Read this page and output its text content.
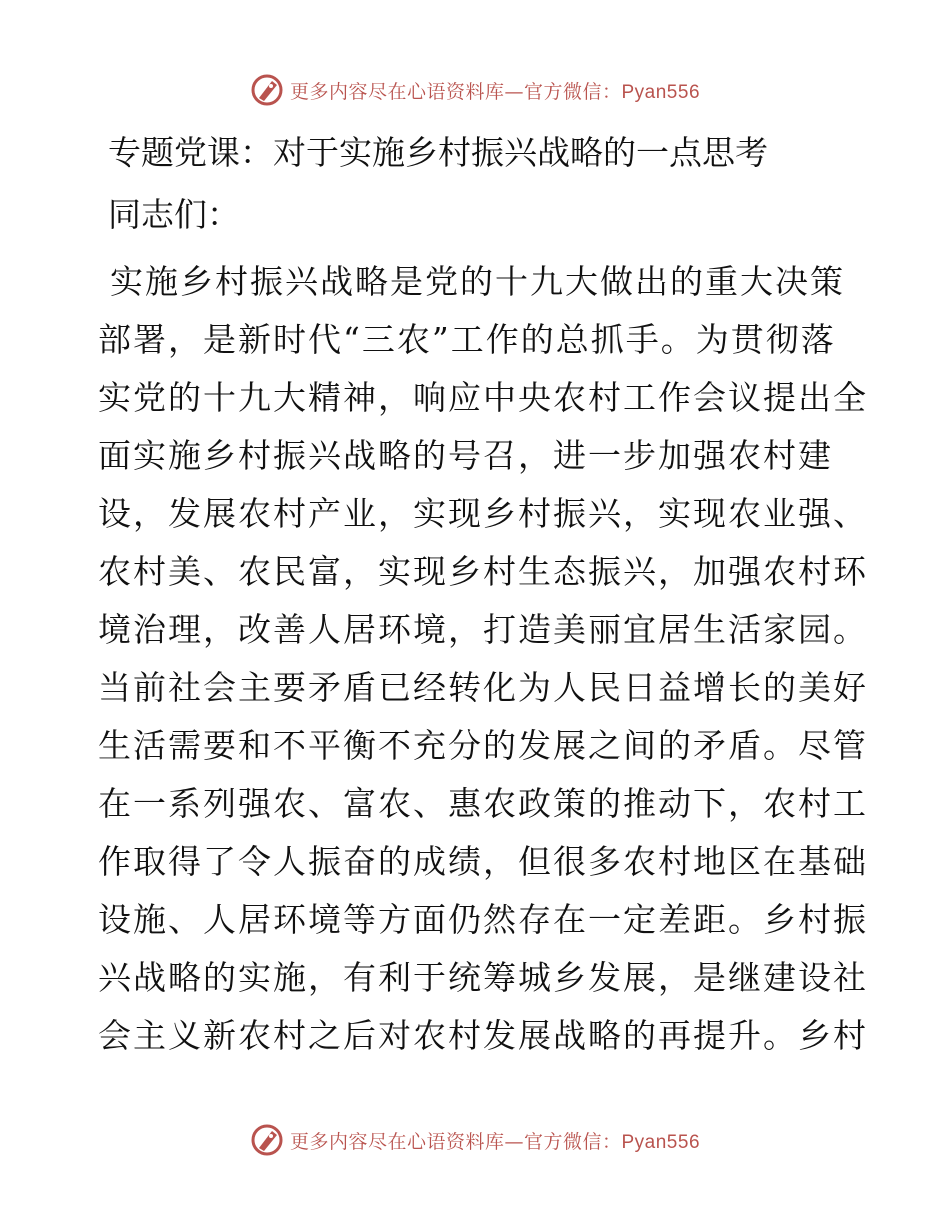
更多内容尽在心语资料库—官方微信：Pyan556
专题党课：对于实施乡村振兴战略的一点思考
同志们：
实施乡村振兴战略是党的十九大做出的重大决策
部署，是新时代“三农”工作的总抓手。为贯彻落
实党的十九大精神，响应中央农村工作会议提出全
面实施乡村振兴战略的号召，进一步加强农村建
设，发展农村产业，实现乡村振兴，实现农业强、
农村美、农民富，实现乡村生态振兴，加强农村环
境治理，改善人居环境，打造美丽宜居生活家园。
当前社会主要矛盾已经转化为人民日益增长的美好
生活需要和不平衡不充分的发展之间的矛盾。尽管
在一系列强农、富农、惠农政策的推动下，农村工
作取得了令人振奋的成绩，但很多农村地区在基础
设施、人居环境等方面仍然存在一定差距。乡村振
兴战略的实施，有利于统筹城乡发展，是继建设社
会主义新农村之后对农村发展战略的再提升。乡村
更多内容尽在心语资料库—官方微信：Pyan556
